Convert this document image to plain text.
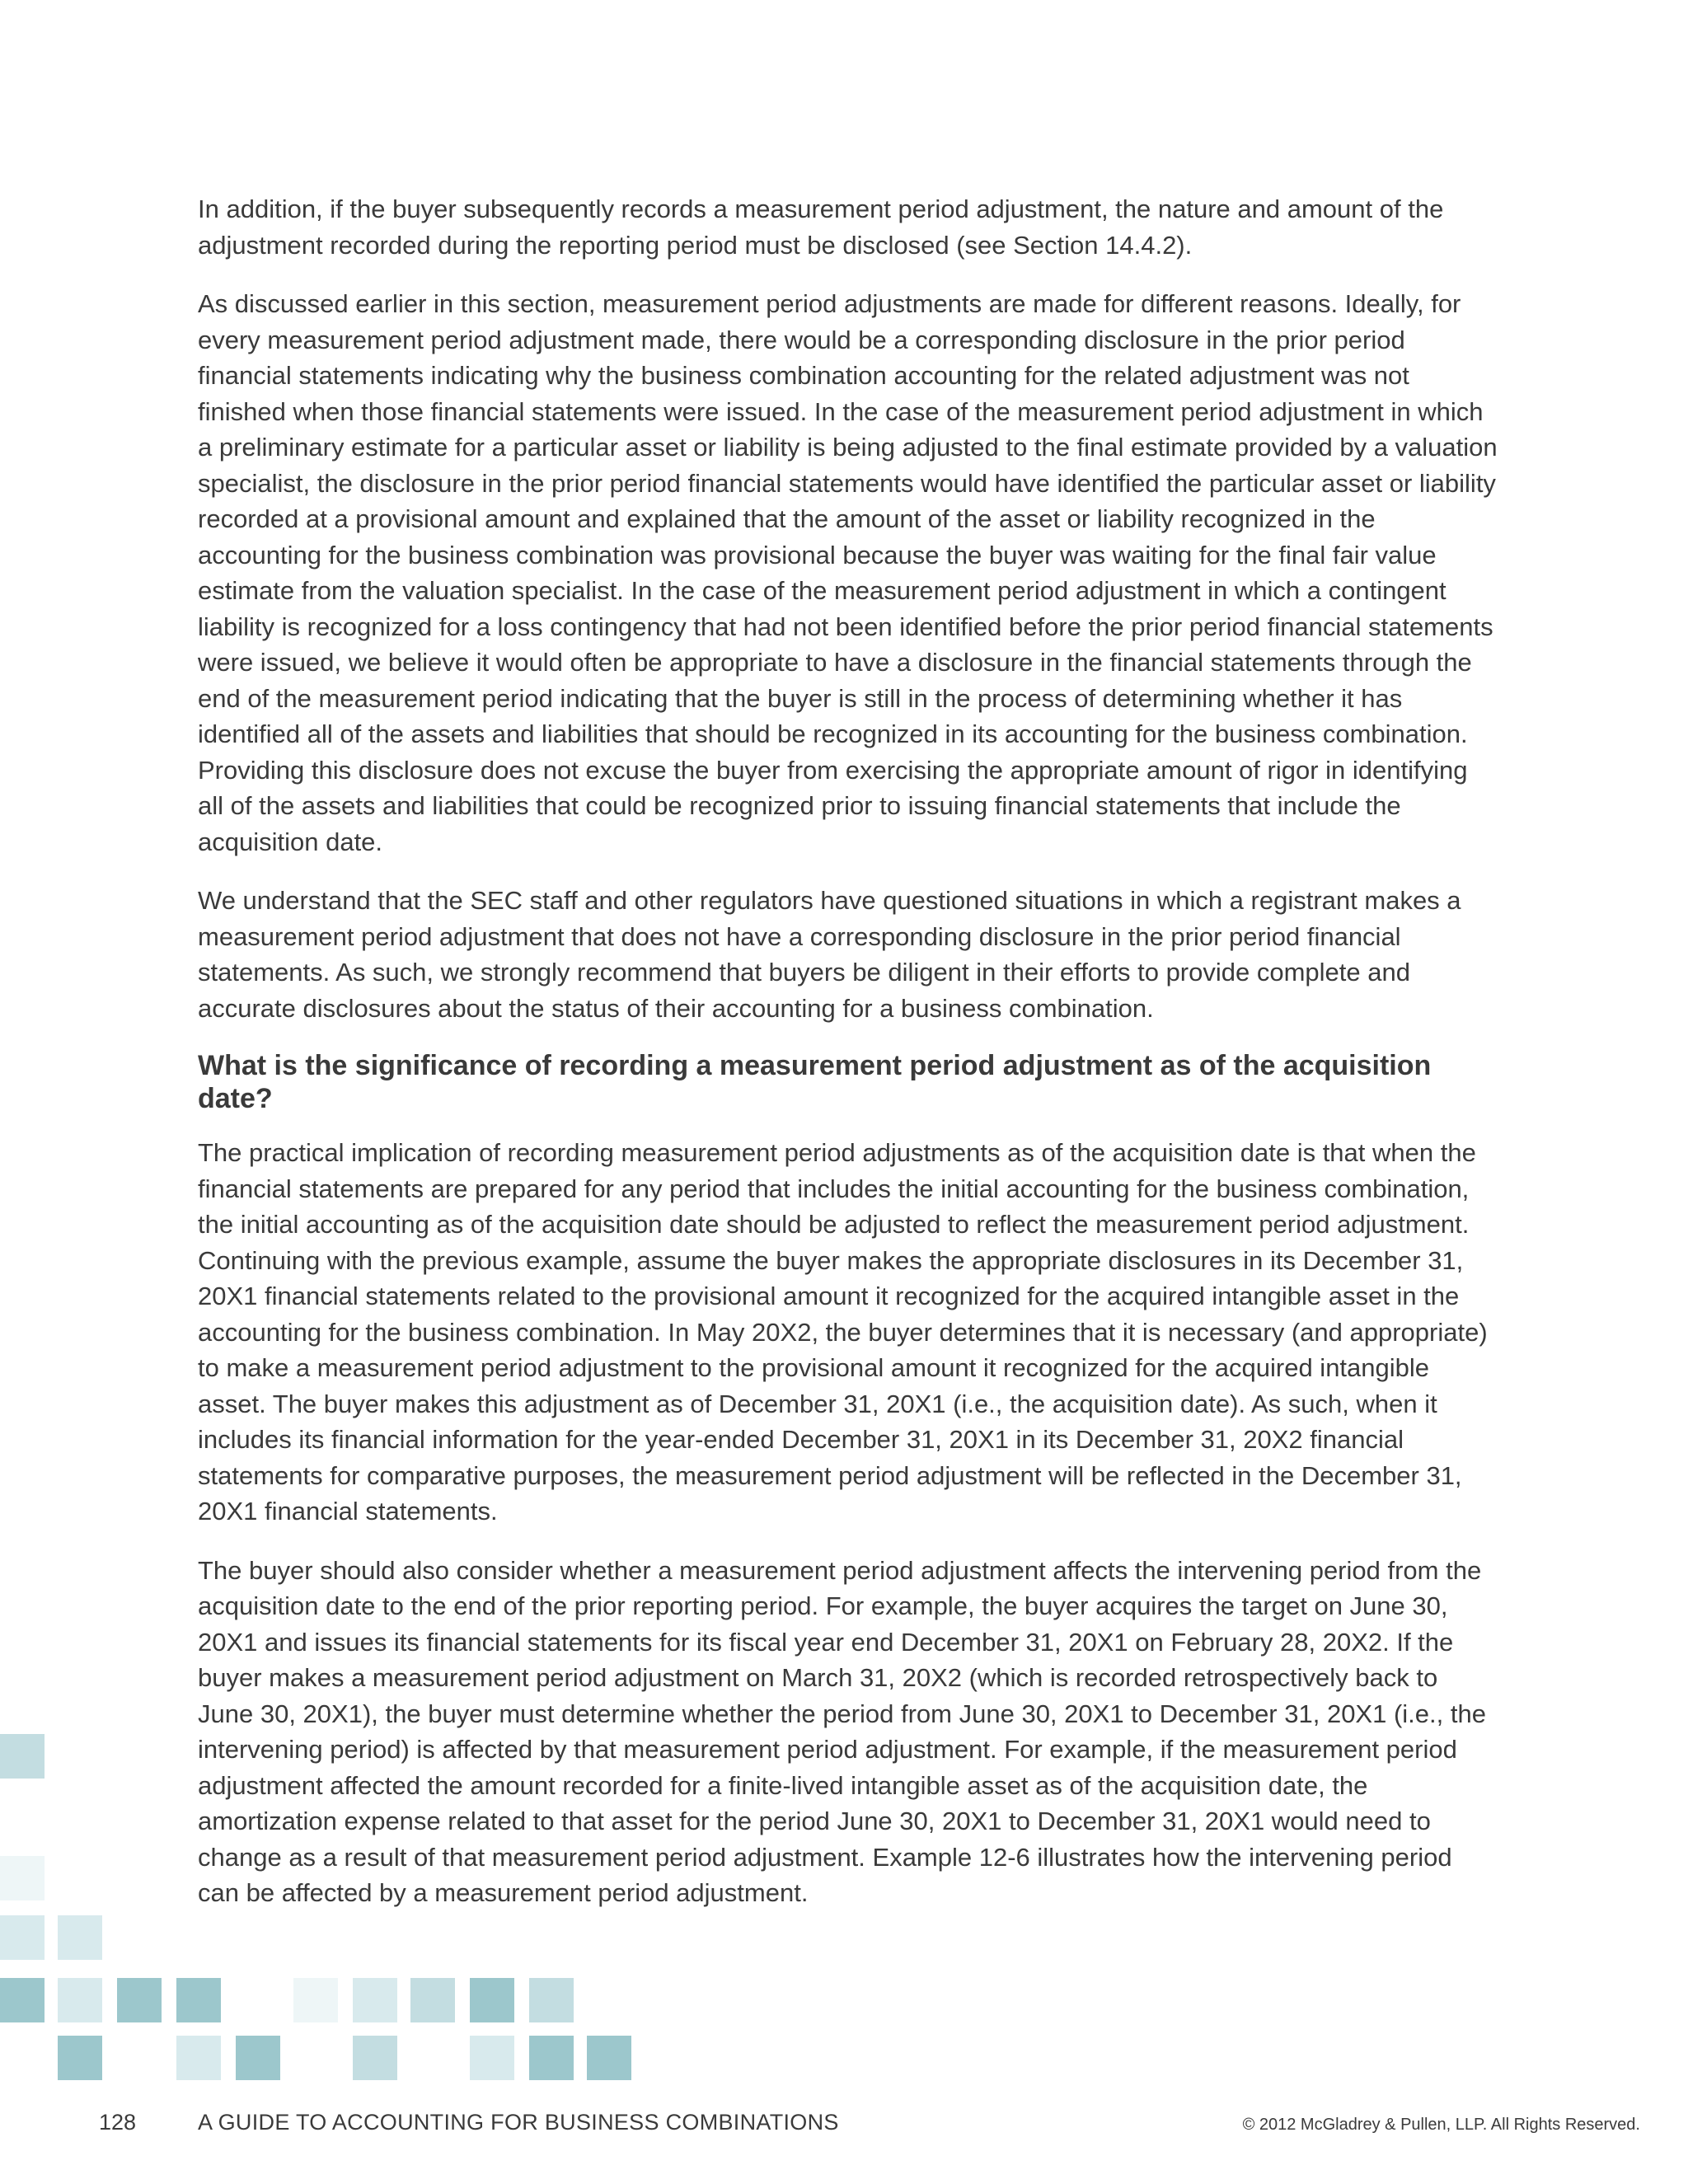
In addition, if the buyer subsequently records a measurement period adjustment, the nature and amount of the adjustment recorded during the reporting period must be disclosed (see Section 14.4.2).

As discussed earlier in this section, measurement period adjustments are made for different reasons. Ideally, for every measurement period adjustment made, there would be a corresponding disclosure in the prior period financial statements indicating why the business combination accounting for the related adjustment was not finished when those financial statements were issued. In the case of the measurement period adjustment in which a preliminary estimate for a particular asset or liability is being adjusted to the final estimate provided by a valuation specialist, the disclosure in the prior period financial statements would have identified the particular asset or liability recorded at a provisional amount and explained that the amount of the asset or liability recognized in the accounting for the business combination was provisional because the buyer was waiting for the final fair value estimate from the valuation specialist. In the case of the measurement period adjustment in which a contingent liability is recognized for a loss contingency that had not been identified before the prior period financial statements were issued, we believe it would often be appropriate to have a disclosure in the financial statements through the end of the measurement period indicating that the buyer is still in the process of determining whether it has identified all of the assets and liabilities that should be recognized in its accounting for the business combination. Providing this disclosure does not excuse the buyer from exercising the appropriate amount of rigor in identifying all of the assets and liabilities that could be recognized prior to issuing financial statements that include the acquisition date.

We understand that the SEC staff and other regulators have questioned situations in which a registrant makes a measurement period adjustment that does not have a corresponding disclosure in the prior period financial statements. As such, we strongly recommend that buyers be diligent in their efforts to provide complete and accurate disclosures about the status of their accounting for a business combination.

What is the significance of recording a measurement period adjustment as of the acquisition date?

The practical implication of recording measurement period adjustments as of the acquisition date is that when the financial statements are prepared for any period that includes the initial accounting for the business combination, the initial accounting as of the acquisition date should be adjusted to reflect the measurement period adjustment. Continuing with the previous example, assume the buyer makes the appropriate disclosures in its December 31, 20X1 financial statements related to the provisional amount it recognized for the acquired intangible asset in the accounting for the business combination. In May 20X2, the buyer determines that it is necessary (and appropriate) to make a measurement period adjustment to the provisional amount it recognized for the acquired intangible asset. The buyer makes this adjustment as of December 31, 20X1 (i.e., the acquisition date). As such, when it includes its financial information for the year-ended December 31, 20X1 in its December 31, 20X2 financial statements for comparative purposes, the measurement period adjustment will be reflected in the December 31, 20X1 financial statements.

The buyer should also consider whether a measurement period adjustment affects the intervening period from the acquisition date to the end of the prior reporting period. For example, the buyer acquires the target on June 30, 20X1 and issues its financial statements for its fiscal year end December 31, 20X1 on February 28, 20X2. If the buyer makes a measurement period adjustment on March 31, 20X2 (which is recorded retrospectively back to June 30, 20X1), the buyer must determine whether the period from June 30, 20X1 to December 31, 20X1 (i.e., the intervening period) is affected by that measurement period adjustment. For example, if the measurement period adjustment affected the amount recorded for a finite-lived intangible asset as of the acquisition date, the amortization expense related to that asset for the period June 30, 20X1 to December 31, 20X1 would need to change as a result of that measurement period adjustment. Example 12-6 illustrates how the intervening period can be affected by a measurement period adjustment.

128	A GUIDE TO ACCOUNTING FOR BUSINESS COMBINATIONS	© 2012 McGladrey & Pullen, LLP. All Rights Reserved.
